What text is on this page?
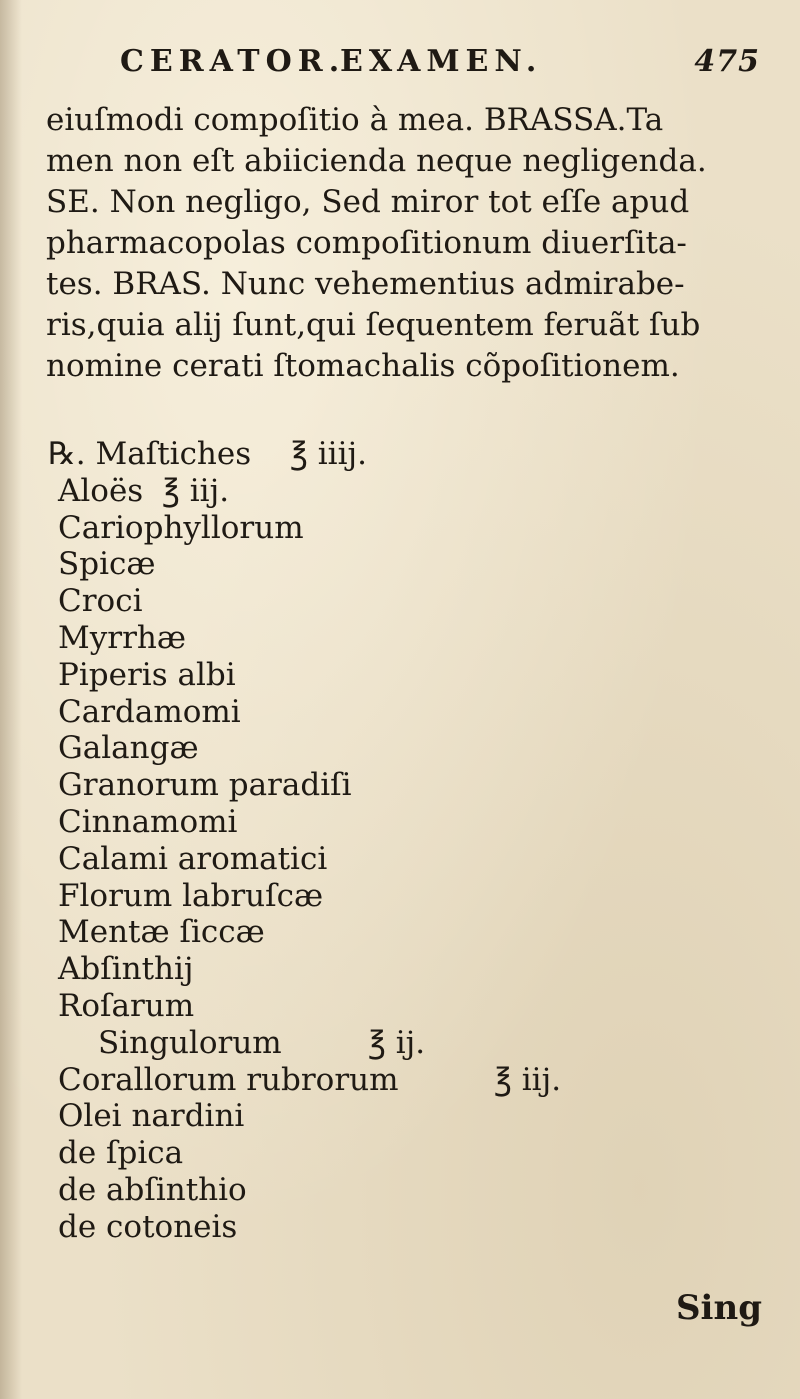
CERATOR.
EXAMEN.	475

eiuſmodi compoſitio à mea. BRASSA.Ta
men non eſt abiicienda neque negligenda.
SE. Non negligo, Sed miror tot eſſe apud
pharmacopolas compoſitionum diuerſita-
tes. BRAS. Nunc vehementius admirabe-
ris,quia alij ſunt,qui ſequentem feruãt ſub
nomine cerati ſtomachalis cõpoſitionem.

℞. Maſtiches ℥ iiij.
Aloës ℥ iij.
Cariophyllorum
Spicæ
Croci
Myrrhæ
Piperis albi
Cardamomi
Galangæ
Granorum paradiſi
Cinnamomi
Calami aromatici
Florum labruſcæ
Mentæ ſiccæ
Abſinthij
Roſarum
Singulorum	℥ ij.
Corallorum rubrorum	℥ iij.
Olei nardini
de ſpica
de abſinthio
de cotoneis
Sing
